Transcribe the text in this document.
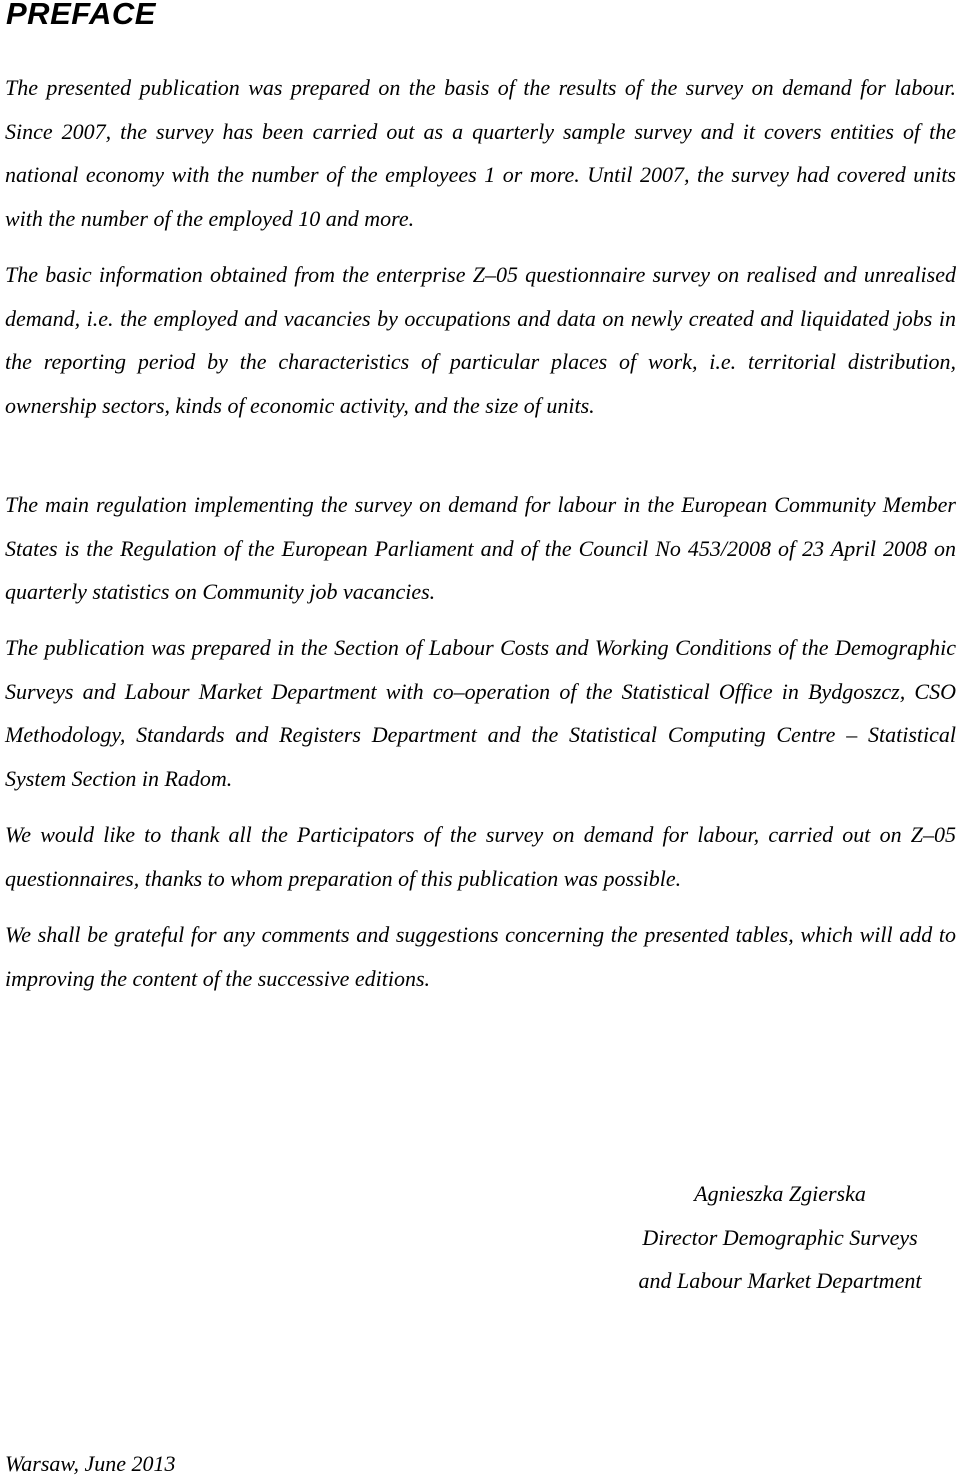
PREFACE

The presented publication was prepared on the basis of the results of the survey on demand for labour. Since 2007, the survey has been carried out as a quarterly sample survey and it covers entities of the national economy with the number of the employees 1 or more. Until 2007, the survey had covered units with the number of the employed 10 and more.

The basic information obtained from the enterprise Z–05 questionnaire survey on realised and unrealised demand, i.e. the employed and vacancies by occupations and data on newly created and liquidated jobs in the reporting period by the characteristics of particular places of work, i.e. territorial distribution, ownership sectors, kinds of economic activity, and the size of units.

The main regulation implementing the survey on demand for labour in the European Community Member States is the Regulation of the European Parliament and of the Council No 453/2008 of 23 April 2008 on quarterly statistics on Community job vacancies.

The publication was prepared in the Section of Labour Costs and Working Conditions of the Demographic Surveys and Labour Market Department with co–operation of the Statistical Office in Bydgoszcz, CSO Methodology, Standards and Registers Department and the Statistical Computing Centre – Statistical System Section in Radom.

We would like to thank all the Participators of the survey on demand for labour, carried out on Z–05 questionnaires, thanks to whom preparation of this publication was possible.

We shall be grateful for any comments and suggestions concerning the presented tables, which will add to improving the content of the successive editions.

Agnieszka Zgierska
Director Demographic Surveys
and Labour Market Department

Warsaw, June 2013
